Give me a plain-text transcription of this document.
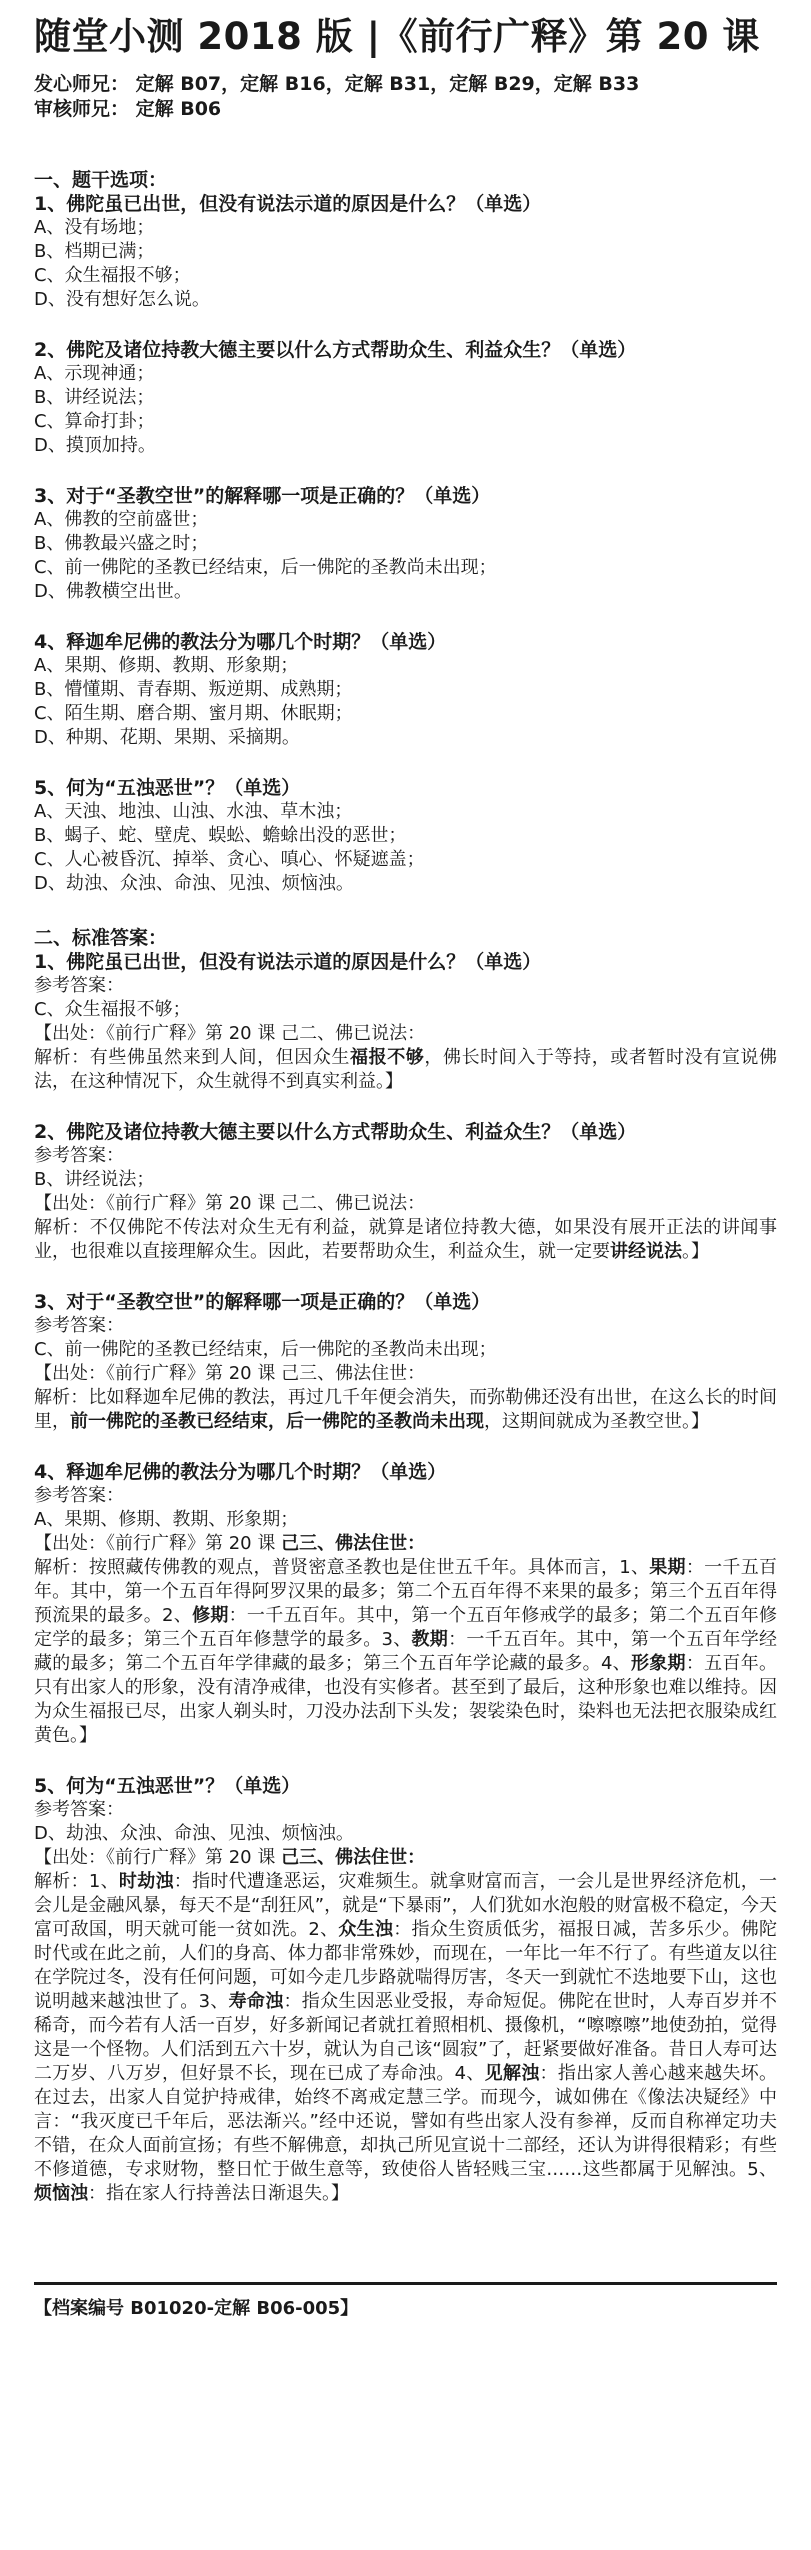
随堂小测 2018 版 |《前行广释》第 20 课
发心师兄： 定解 B07，定解 B16，定解 B31，定解 B29，定解 B33
审核师兄： 定解 B06
一、题干选项：
1、佛陀虽已出世，但没有说法示道的原因是什么？（单选）
A、没有场地；
B、档期已满；
C、众生福报不够；
D、没有想好怎么说。
2、佛陀及诸位持教大德主要以什么方式帮助众生、利益众生？（单选）
A、示现神通；
B、讲经说法；
C、算命打卦；
D、摸顶加持。
3、对于“圣教空世”的解释哪一项是正确的？（单选）
A、佛教的空前盛世；
B、佛教最兴盛之时；
C、前一佛陀的圣教已经结束，后一佛陀的圣教尚未出现；
D、佛教横空出世。
4、释迦牟尼佛的教法分为哪几个时期？（单选）
A、果期、修期、教期、形象期；
B、懵懂期、青春期、叛逆期、成熟期；
C、陌生期、磨合期、蜜月期、休眠期；
D、种期、花期、果期、采摘期。
5、何为“五浊恶世”？（单选）
A、天浊、地浊、山浊、水浊、草木浊；
B、蝎子、蛇、壁虎、蜈蚣、蟾蜍出没的恶世；
C、人心被昏沉、掉举、贪心、嗔心、怀疑遮盖；
D、劫浊、众浊、命浊、见浊、烦恼浊。
二、标准答案：
1、佛陀虽已出世，但没有说法示道的原因是什么？（单选）
参考答案：
C、众生福报不够；
【出处：《前行广释》第 20 课 己二、佛已说法：
解析：有些佛虽然来到人间，但因众生福报不够，佛长时间入于等持，或者暂时没有宣说佛法，在这种情况下，众生就得不到真实利益。】
2、佛陀及诸位持教大德主要以什么方式帮助众生、利益众生？（单选）
参考答案：
B、讲经说法；
【出处：《前行广释》第 20 课 己二、佛已说法：
解析：不仅佛陀不传法对众生无有利益，就算是诸位持教大德，如果没有展开正法的讲闻事业，也很难以直接理解众生。因此，若要帮助众生，利益众生，就一定要讲经说法。】
3、对于“圣教空世”的解释哪一项是正确的？（单选）
参考答案：
C、前一佛陀的圣教已经结束，后一佛陀的圣教尚未出现；
【出处：《前行广释》第 20 课 己三、佛法住世：
解析：比如释迦牟尼佛的教法，再过几千年便会消失，而弥勒佛还没有出世，在这么长的时间里，前一佛陀的圣教已经结束，后一佛陀的圣教尚未出现，这期间就成为圣教空世。】
4、释迦牟尼佛的教法分为哪几个时期？（单选）
参考答案：
A、果期、修期、教期、形象期；
【出处：《前行广释》第 20 课 己三、佛法住世：
解析：按照藏传佛教的观点，普贤密意圣教也是住世五千年。具体而言，1、果期：一千五百年。其中，第一个五百年得阿罗汉果的最多；第二个五百年得不来果的最多；第三个五百年得预流果的最多。2、修期：一千五百年。其中，第一个五百年修戒学的最多；第二个五百年修定学的最多；第三个五百年修慧学的最多。3、教期：一千五百年。其中，第一个五百年学经藏的最多；第二个五百年学律藏的最多；第三个五百年学论藏的最多。4、形象期：五百年。只有出家人的形象，没有清净戒律，也没有实修者。甚至到了最后，这种形象也难以维持。因为众生福报已尽，出家人剃头时，刀没办法刮下头发；袈裟染色时，染料也无法把衣服染成红黄色。】
5、何为“五浊恶世”？（单选）
参考答案：
D、劫浊、众浊、命浊、见浊、烦恼浊。
【出处：《前行广释》第 20 课 己三、佛法住世：
解析：1、时劫浊：指时代遭逢恶运，灾难频生。就拿财富而言，一会儿是世界经济危机，一会儿是金融风暴，每天不是“刮狂风”，就是“下暴雨”，人们犹如水泡般的财富极不稳定，今天富可敌国，明天就可能一贫如洗。2、众生浊：指众生资质低劣，福报日减，苦多乐少。佛陀时代或在此之前，人们的身高、体力都非常殊妙，而现在，一年比一年不行了。有些道友以往在学院过冬，没有任何问题，可如今走几步路就喘得厉害，冬天一到就忙不迭地要下山，这也说明越来越浊世了。3、寿命浊：指众生因恶业受报，寿命短促。佛陀在世时，人寿百岁并不稀奇，而今若有人活一百岁，好多新闻记者就扛着照相机、摄像机，“嚓嚓嚓”地使劲拍，觉得这是一个怪物。人们活到五六十岁，就认为自己该“圆寂”了，赶紧要做好准备。昔日人寿可达二万岁、八万岁，但好景不长，现在已成了寿命浊。4、见解浊：指出家人善心越来越失坏。在过去，出家人自觉护持戒律，始终不离戒定慧三学。而现今，诚如佛在《像法决疑经》中言：“我灭度已千年后，恶法渐兴。”经中还说，譬如有些出家人没有参禅，反而自称禅定功夫不错，在众人面前宣扬；有些不解佛意，却执己所见宣说十二部经，还认为讲得很精彩；有些不修道德，专求财物，整日忙于做生意等，致使俗人皆轻贱三宝……这些都属于见解浊。5、烦恼浊：指在家人行持善法日渐退失。】
【档案编号 B01020-定解 B06-005】
